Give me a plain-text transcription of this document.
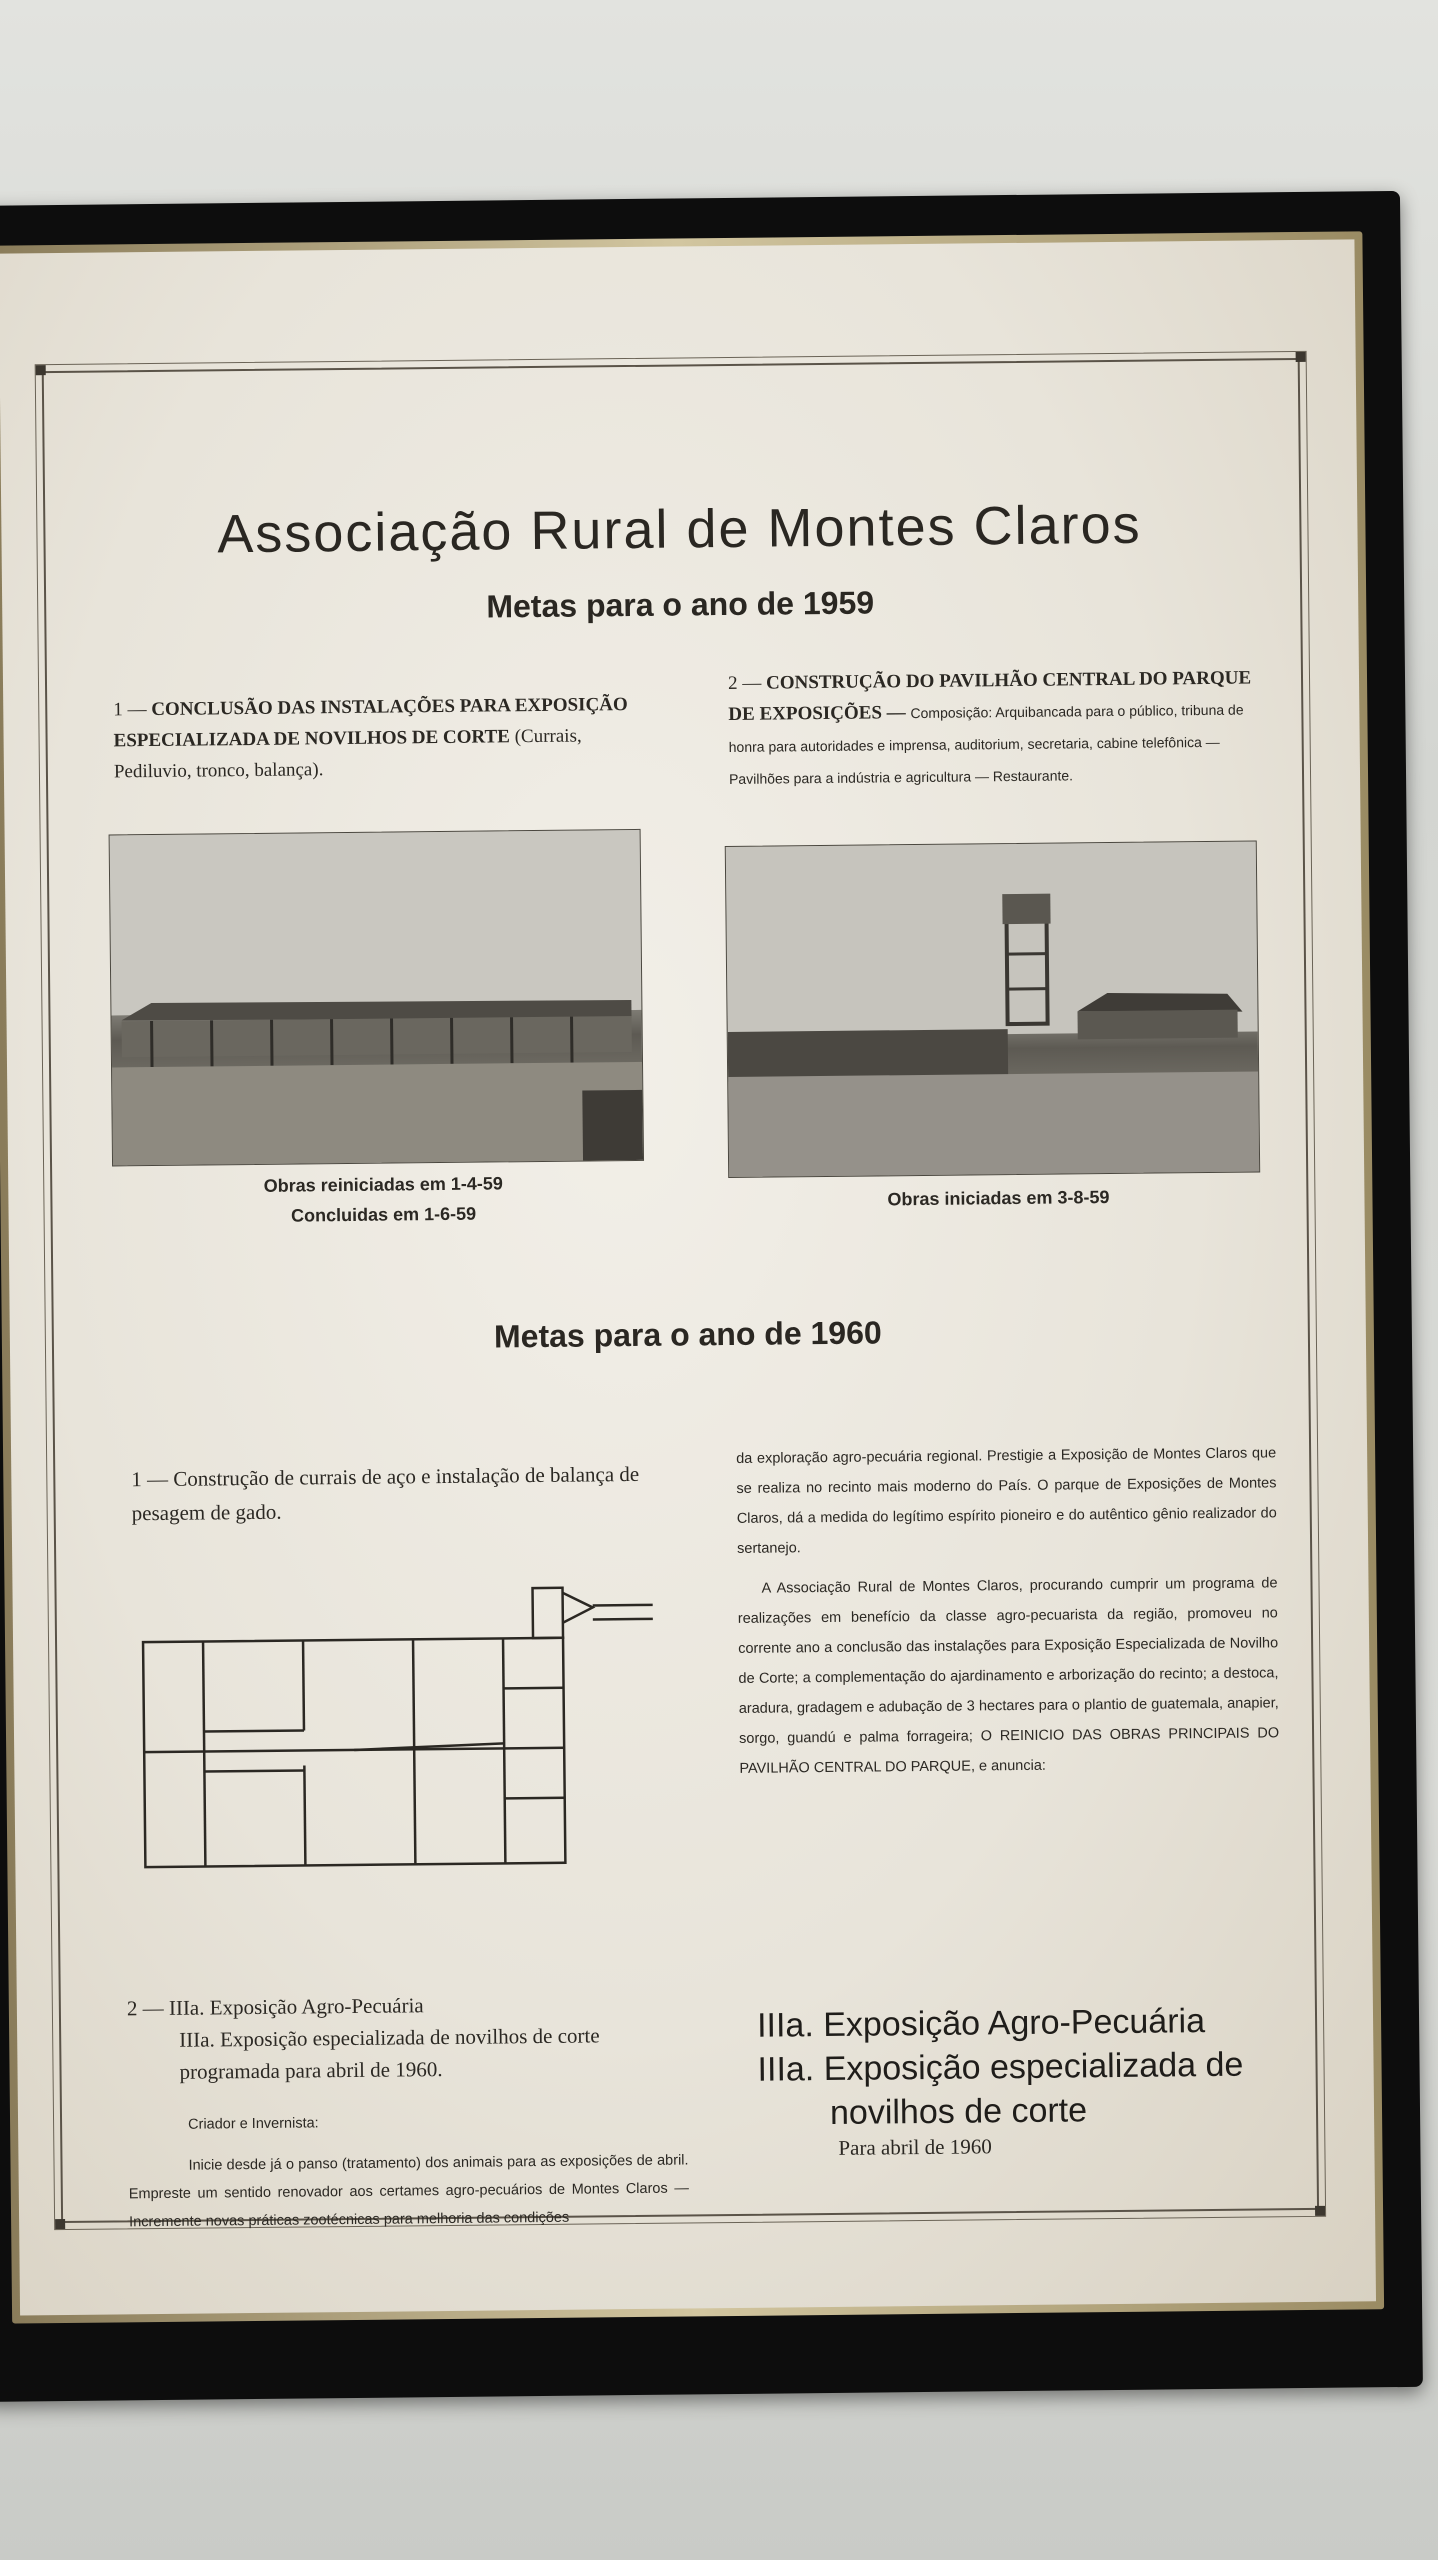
Associação Rural de Montes Claros
Metas para o ano de 1959
1 — CONCLUSÃO DAS INSTALAÇÕES PARA EXPOSIÇÃO ESPECIALIZADA DE NOVILHOS DE CORTE (Currais, Pediluvio, tronco, balança).
2 — CONSTRUÇÃO DO PAVILHÃO CENTRAL DO PARQUE DE EXPOSIÇÕES — Composição: Arquibancada para o público, tribuna de honra para autoridades e imprensa, auditorium, secretaria, cabine telefônica — Pavilhões para a indústria e agricultura — Restaurante.
Obras reiniciadas em 1-4-59
Concluidas em 1-6-59
Obras iniciadas em 3-8-59
Metas para o ano de 1960
1 — Construção de currais de aço e instalação de balança de pesagem de gado.
da exploração agro-pecuária regional. Prestigie a Exposição de Montes Claros que se realiza no recinto mais moderno do País. O parque de Exposições de Montes Claros, dá a medida do legítimo espírito pioneiro e do autêntico gênio realizador do sertanejo.
A Associação Rural de Montes Claros, procurando cumprir um programa de realizações em benefício da classe agro-pecuarista da região, promoveu no corrente ano a conclusão das instalações para Exposição Especializada de Novilho de Corte; a complementação do ajardinamento e arborização do recinto; a destoca, aradura, gradagem e adubação de 3 hectares para o plantio de guatemala, anapier, sorgo, guandú e palma forrageira; O REINICIO DAS OBRAS PRINCIPAIS DO PAVILHÃO CENTRAL DO PARQUE, e anuncia:
2 — IIIa. Exposição Agro-Pecuária
IIIa. Exposição especializada de novilhos de corte programada para abril de 1960.
Criador e Invernista:
Inicie desde já o panso (tratamento) dos animais para as exposições de abril. Empreste um sentido renovador aos certames agro-pecuários de Montes Claros — Incremente novas práticas zootécnicas para melhoria das condições
IIIa. Exposição Agro-Pecuária
IIIa. Exposição especializada de
novilhos de corte
Para abril de 1960
